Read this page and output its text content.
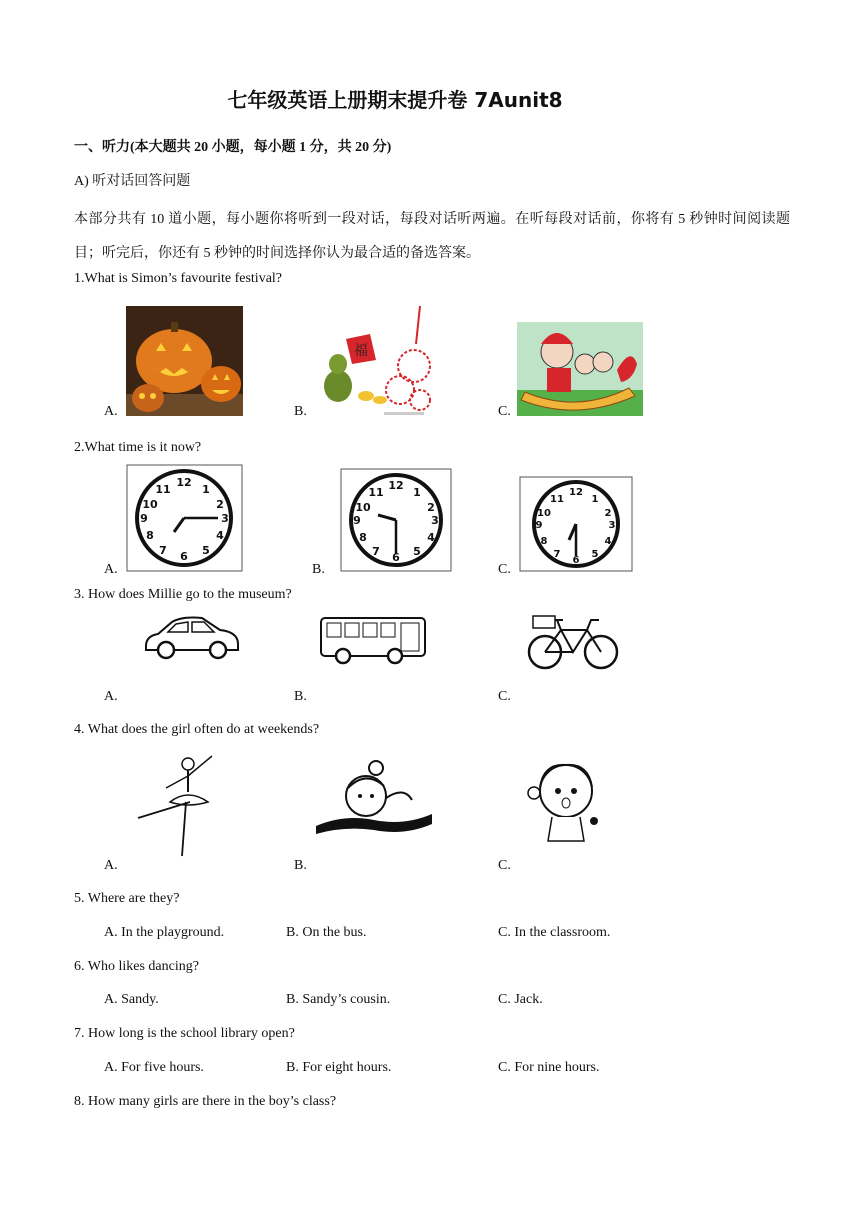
七年级英语上册期末提升卷 7Aunit8
一、听力(本大题共 20 小题，每小题 1 分，共 20 分)
A) 听对话回答问题
本部分共有 10 道小题，每小题你将听到一段对话，每段对话听两遍。在听每段对话前，你将有 5 秒钟时间阅读题目；听完后，你还有 5 秒钟的时间选择你认为最合适的备选答案。
1.What is Simon’s favourite festival?
A.
福
B.	C.
2.What time is it now?
12
1
2
3
4
5
6
7
8
9
10
11
A.
12
1
2
3
4
5
6
7
8
9
10
11
B.
12
1
2
3
4
5
6
7
8
9
10
11
C.
3. How does Millie go to the museum?
A.	B.	C.
4. What does the girl often do at weekends?
A.	B.	C.
5. Where are they?
A. In the playground.	B. On the bus.	C. In the classroom.
6. Who likes dancing?
A. Sandy.	B. Sandy’s cousin.	C. Jack.
7. How long is the school library open?
A. For five hours.	B. For eight hours.	C. For nine hours.
8. How many girls are there in the boy’s class?
